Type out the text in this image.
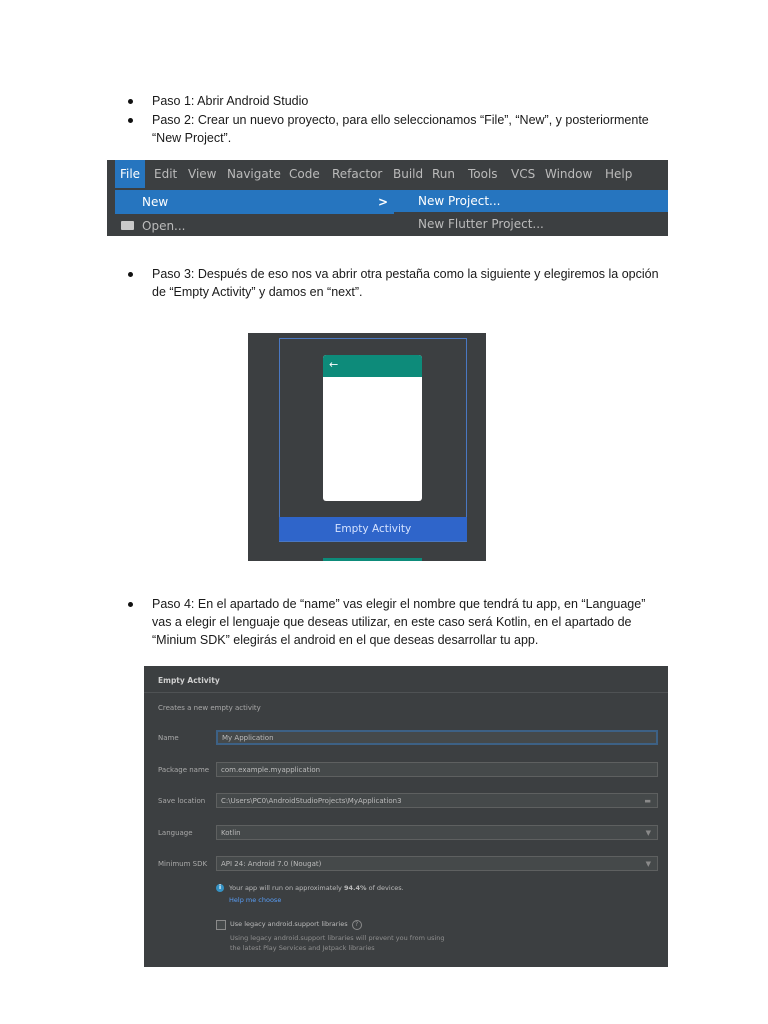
Paso 1: Abrir Android Studio
Paso 2: Crear un nuevo proyecto, para ello seleccionamos “File”, “New”, y posteriormente
“New Project”.
File	Edit View Navigate Code Refactor Build Run Tools VCS Window Help
New	>
Open...
New Project...
New Flutter Project...
Paso 3: Después de eso nos va abrir otra pestaña como la siguiente y elegiremos la opción
de “Empty Activity” y damos en “next”.
←
Empty Activity
Paso 4: En el apartado de “name” vas elegir el nombre que tendrá tu app, en “Language”
vas a elegir el lenguaje que deseas utilizar, en este caso será Kotlin, en el apartado de
“Minium SDK” elegirás el android en el que deseas desarrollar tu app.
Empty Activity
Creates a new empty activity
Name	My Application
Package name	com.example.myapplication
Save location	C:\Users\PC0\AndroidStudioProjects\MyApplication3	▬
Language	Kotlin	▼
Minimum SDK	API 24: Android 7.0 (Nougat)	▼
i	Your app will run on approximately 94.4% of devices.
Help me choose
Use legacy android.support libraries ?
Using legacy android.support libraries will prevent you from using
the latest Play Services and Jetpack libraries
